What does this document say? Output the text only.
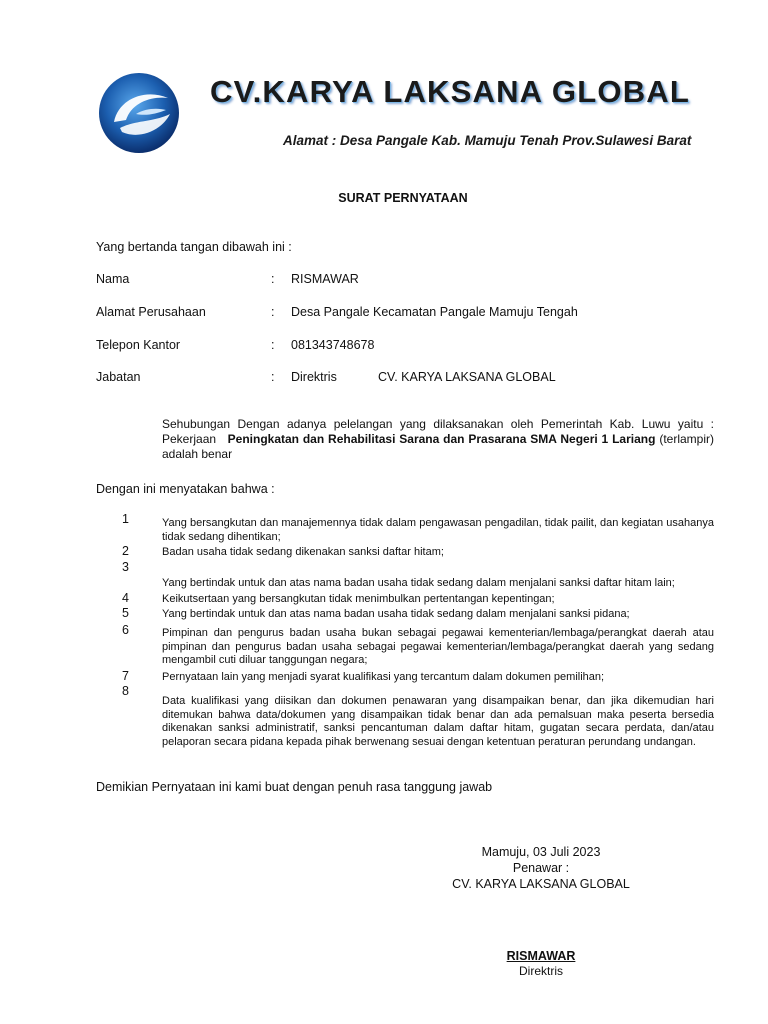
CV.KARYA LAKSANA GLOBAL
Alamat : Desa Pangale Kab. Mamuju Tenah Prov.Sulawesi Barat
SURAT PERNYATAAN
Yang bertanda tangan dibawah ini :
Nama	: RISMAWAR
Alamat Perusahaan	: Desa Pangale Kecamatan Pangale Mamuju Tengah
Telepon Kantor	: 081343748678
Jabatan	: Direktris	CV. KARYA LAKSANA GLOBAL
Sehubungan Dengan adanya pelelangan yang dilaksanakan oleh Pemerintah Kab. Luwu yaitu : Pekerjaan Peningkatan dan Rehabilitasi Sarana dan Prasarana SMA Negeri 1 Lariang (terlampir) adalah benar
Dengan ini menyatakan bahwa :
1	Yang bersangkutan dan manajemennya tidak dalam pengawasan pengadilan, tidak pailit, dan kegiatan usahanya tidak sedang dihentikan;
2	Badan usaha tidak sedang dikenakan sanksi daftar hitam;
3
Yang bertindak untuk dan atas nama badan usaha tidak sedang dalam menjalani sanksi daftar hitam lain;
4	Keikutsertaan yang bersangkutan tidak menimbulkan pertentangan kepentingan;
5	Yang bertindak untuk dan atas nama badan usaha tidak sedang dalam menjalani sanksi pidana;
6	Pimpinan dan pengurus badan usaha bukan sebagai pegawai kementerian/lembaga/perangkat daerah atau pimpinan dan pengurus badan usaha sebagai pegawai kementerian/lembaga/perangkat daerah yang sedang mengambil cuti diluar tanggungan negara;
7	Pernyataan lain yang menjadi syarat kualifikasi yang tercantum dalam dokumen pemilihan;
8
Data kualifikasi yang diisikan dan dokumen penawaran yang disampaikan benar, dan jika dikemudian hari ditemukan bahwa data/dokumen yang disampaikan tidak benar dan ada pemalsuan maka peserta bersedia dikenakan sanksi administratif, sanksi pencantuman dalam daftar hitam, gugatan secara perdata, dan/atau pelaporan secara pidana kepada pihak berwenang sesuai dengan ketentuan peraturan perundang undangan.
Demikian Pernyataan ini kami buat dengan penuh rasa tanggung jawab
Mamuju, 03 Juli 2023
Penawar :
CV. KARYA LAKSANA GLOBAL
RISMAWAR
Direktris
